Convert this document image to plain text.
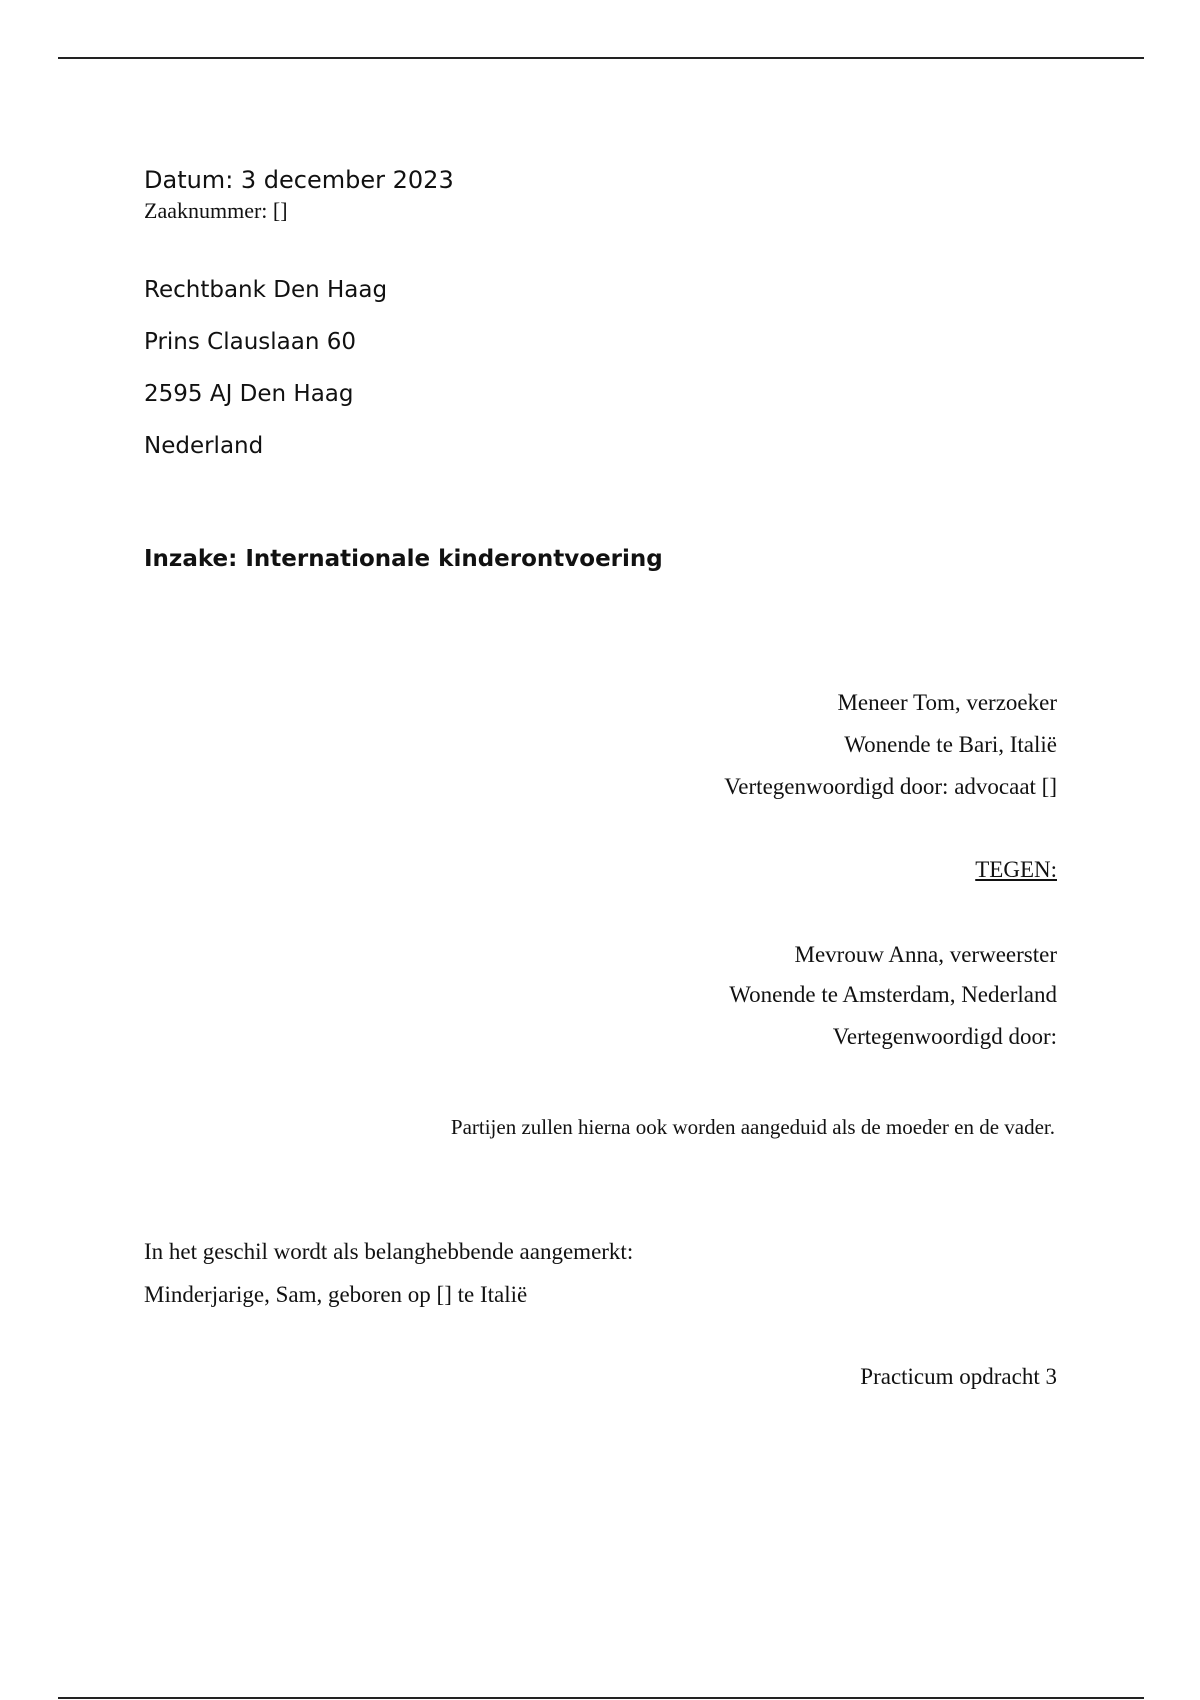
Datum: 3 december 2023
Zaaknummer: []
Rechtbank Den Haag
Prins Clauslaan 60
2595 AJ Den Haag
Nederland
Inzake: Internationale kinderontvoering
Meneer Tom, verzoeker
Wonende te Bari, Italië
Vertegenwoordigd door: advocaat []
TEGEN:
Mevrouw Anna, verweerster
Wonende te Amsterdam, Nederland
Vertegenwoordigd door:
Partijen zullen hierna ook worden aangeduid als de moeder en de vader.
In het geschil wordt als belanghebbende aangemerkt:
Minderjarige, Sam, geboren op [] te Italië
Practicum opdracht 3
